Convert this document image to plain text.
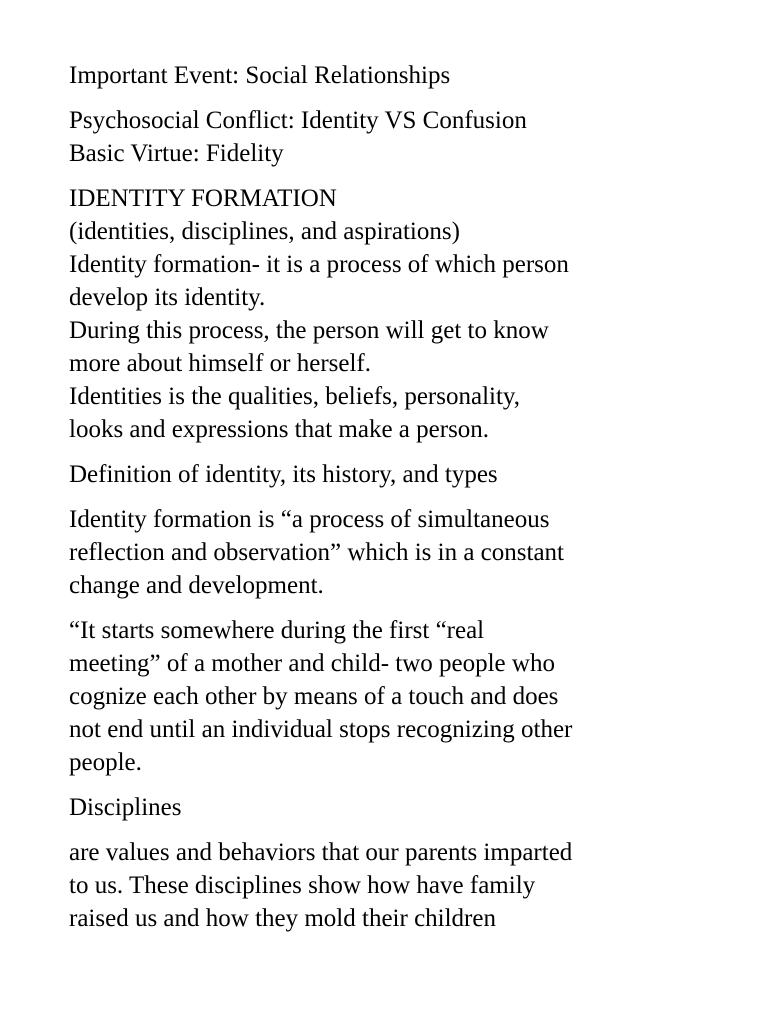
Important Event: Social Relationships

Psychosocial Conflict: Identity VS Confusion
Basic Virtue: Fidelity

IDENTITY FORMATION
(identities, disciplines, and aspirations)
Identity formation- it is a process of which person
develop its identity.
During this process, the person will get to know
more about himself or herself.
Identities is the qualities, beliefs, personality,
looks and expressions that make a person.

Definition of identity, its history, and types

Identity formation is “a process of simultaneous
reflection and observation” which is in a constant
change and development.

“It starts somewhere during the first “real
meeting” of a mother and child- two people who
cognize each other by means of a touch and does
not end until an individual stops recognizing other
people.

Disciplines

are values and behaviors that our parents imparted
to us. These disciplines show how have family
raised us and how they mold their children
